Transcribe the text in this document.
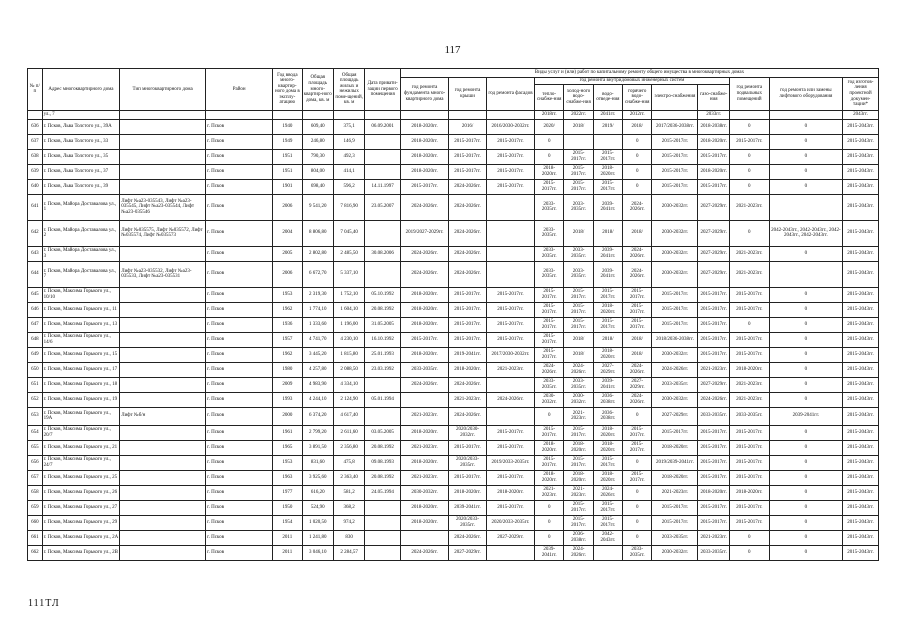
117
№ п/п	Адрес многоквартирного дома	Тип многоквартирного дома	Район	Год ввода много-квартир-ного дома в эксплу-атацию	Общая площадь много-квартир-ного дома, кв. м	Общая площадь жилых и нежилых поме-щений, кв. м	Дата привати-зации первого помещения	Виды услуг и (или) работ по капитальному ремонту общего имущества в многоквартирных домах											
								год ремонта фундамента много-квартирного дома	год ремонта крыши	год ремонта фасадов	год ремонта внутридомовых инженерных систем						год ремонта подвальных помещений	год ремонта или замены лифтового оборудования	год изготов-ления проектной докумен-тации*
											тепло-снабже-ния	холод-ного водо-снабже-ния	водо-отведе-ния	горячего водо-снабже-ния	электро-снабжения	газо-снабже-ния			
	ул., 7										2018гг.	2022гг.	2041гг.	2012гг.		2033гг.			2043гг.
636	г. Псков, Льва Толстого ул., 39А		г. Псков	1940	609,40	375,1	06.09.2001	2018-2020гг.	2016/	2016/2030-2032гг.	2020/	2018/	2019/	2018/	2017/2036-2038гг.	2018-2038гг.	0	0	2015-2043гг.
637	г. Псков, Льва Толстого ул., 33		г. Псков	1949	246,80	146,9		2018-2020гг.	2015-2017гг.	2015-2017гг.	0			0	2015-2017гг.	2018-2020гг.	2015-2017гг.	0	2015-2043гг.
638	г. Псков, Льва Толстого ул., 35		г. Псков	1951	790,30	492,3		2018-2020гг.	2015-2017гг.	2015-2017гг.	0	2015-2017гг.	2015-2017гг.	0	2015-2017гг.	2015-2017гг.	0	0	2015-2043гг.
639	г. Псков, Льва Толстого ул., 37		г. Псков	1951	804,00	414,1		2018-2020гг.	2015-2017гг.	2015-2017гг.	2018-2020гг.	2015-2017гг.	2018-2020гг.	0	2015-2017гг.	2018-2020гг.	0	0	2015-2043гг.
640	г. Псков, Льва Толстого ул., 39		г. Псков	1901	698,40	596,2	14.11.1997	2015-2017гг.	2024-2026гг.	2015-2017гг.	2015-2017гг.	2015-2017гг.	2015-2017гг.	0	2015-2017гг.	2015-2017гг.	0	0	2015-2043гг.
641	г. Псков, Майора Доставалова ул., 1	Лифт №а23-035543, Лифт №а23-035545, Лифт №а23-035544, Лифт №а23-035546	г. Псков	2006	9 541,20	7 816,90	23.05.2007	2024-2026гг.	2024-2026гг.		2033-2035гг.	2033-2035гг.	2039-2041гг.	2024-2026гг.	2030-2032гг.	2027-2029гг.	2021-2023гг.		2015-2043гг.
642	г. Псков, Майора Доставалова ул., 2	Лифт №035575, Лифт №035572, Лифт №035574, Лифт №035573	г. Псков	2004	8 806,80	7 045,40		2019/2027-2029гг.	2024-2026гг.		2033-2035гг.	2018/	2018/	2018/	2030-2032гг.	2027-2029гг.	0	2042-2043гг., 2042-2043гг., 2042-2043гг., 2042-2043гг.	2015-2043гг.
643	г. Псков, Майора Доставалова ул., 3		г. Псков	2005	2 802,80	2 485,50	30.08.2006	2024-2026гг.	2024-2026гг.		2033-2035гг.	2033-2035гг.	2039-2041гг.	2024-2026гг.	2030-2032гг.	2027-2029гг.	2021-2023гг.	0	2015-2043гг.
644	г. Псков, Майора Доставалова ул., 7	Лифт №а23-035532, Лифт №а23-035533, Лифт №а23-035531	г. Псков	2006	6 672,70	5 337,10		2024-2026гг.	2024-2026гг.		2033-2035гг.	2033-2035гг.	2039-2041гг.	2024-2026гг.	2030-2032гг.	2027-2029гг.	2021-2023гг.		2015-2043гг.
645	г. Псков, Максима Горького ул., 10/10		г. Псков	1953	2 319,30	1 752,10	05.10.1992	2018-2020гг.	2015-2017гг.	2015-2017гг.	2015-2017гг.	2015-2017гг.	2015-2017гг.	2015-2017гг.	2015-2017гг.	2015-2017гг.	2015-2017гг.	0	2015-2043гг.
646	г. Псков, Максима Горького ул., 11		г. Псков	1962	1 774,10	1 604,10	20.08.1992	2018-2020гг.	2015-2017гг.	2015-2017гг.	2015-2017гг.	2015-2017гг.	2018-2020гг.	2015-2017гг.	2015-2017гг.	2015-2017гг.	2015-2017гг.	0	2015-2043гг.
647	г. Псков, Максима Горького ул., 13		г. Псков	1936	1 333,60	1 196,00	31.05.2005	2018-2020гг.	2015-2017гг.	2015-2017гг.	2015-2017гг.	2015-2017гг.	2015-2017гг.	2015-2017гг.	2015-2017гг.	2015-2017гг.	0	0	2015-2043гг.
648	г. Псков, Максима Горького ул., 14/6		г. Псков	1957	4 741,70	4 230,10	16.10.1992	2015-2017гг.	2015-2017гг.	2015-2017гг.	2015-2017гг.	2018/	2018/	2018/	2018/2036-2038гг.	2015-2017гг.	2015-2017гг.	0	2015-2043гг.
649	г. Псков, Максима Горького ул., 15		г. Псков	1962	3 445,20	1 815,80	25.01.1993	2018-2020гг.	2019-2041гг.	2017/2030-2032гг.	2015-2017гг.	2018/	2018-2020гг.	2018/	2030-2032гг.	2015-2017гг.	2015-2017гг.	0	2015-2043гг.
650	г. Псков, Максима Горького ул., 17		г. Псков	1980	4 257,80	2 088,50	23.03.1992	2033-2035гг.	2018-2020гг.	2021-2023гг.	2024-2026гг.	2024-2026гг.	2027-2029гг.	2024-2026гг.	2024-2026гг.	2021-2023гг.	2018-2020гг.	0	2015-2043гг.
651	г. Псков, Максима Горького ул., 18		г. Псков	2009	4 983,90	4 334,10		2024-2026гг.	2024-2026гг.		2033-2035гг.	2033-2035гг.	2039-2041гг.	2027-2029гг.	2033-2035гг.	2027-2029гг.	2021-2023гг.	0	2015-2043гг.
652	г. Псков, Максима Горького ул., 19		г. Псков	1993	4 244,10	2 124,90	05.01.1994		2021-2023гг.	2024-2026гг.	2030-2032гг.	2030-2032гг.	2036-2038гг.	2024-2026гг.	2030-2032гг.	2024-2026гг.	2021-2023гг.	0	2015-2043гг.
653	г. Псков, Максима Горького ул., 19А	Лифт №б/н	г. Псков	2000	6 374,20	4 617,40		2021-2023гг.	2024-2026гг.		0	2021-2023гг.	2036-2038гг.	0	2027-2029гг.	2033-2035гг.	2033-2035гг.	2039-2041гг.	2015-2043гг.
654	г. Псков, Максима Горького ул., 20/7		г. Псков	1961	2 799,20	2 611,60	03.05.2005	2018-2020гг.	2020/2030-2032гг.	2015-2017гг.	2015-2017гг.	2015-2017гг.	2018-2020гг.	2015-2017гг.	2015-2017гг.	2015-2017гг.	2015-2017гг.	0	2015-2043гг.
655	г. Псков, Максима Горького ул., 21		г. Псков	1965	3 891,50	2 356,80	20.08.1992	2021-2023гг.	2015-2017гг.	2015-2017гг.	2018-2020гг.	2018-2020гг.	2018-2020гг.	2015-2017гг.	2018-2020гг.	2015-2017гг.	2015-2017гг.	0	2015-2043гг.
656	г. Псков, Максима Горького ул., 24/7		г. Псков	1953	831,60	475,8	09.08.1993	2018-2020гг.	2020/2033-2035гг.	2019/2033-2035гг.	2015-2017гг.	2015-2017гг.	2015-2017гг.	0	2019/2039-2041гг.	2015-2017гг.	2015-2017гг.	0	2015-2043гг.
657	г. Псков, Максима Горького ул., 25		г. Псков	1963	3 925,60	2 363,40	20.08.1992	2021-2023гг.	2015-2017гг.	2015-2017гг.	2018-2020гг.	2018-2020гг.	2018-2020гг.	2015-2017гг.	2018-2020гг.	2015-2017гг.	2015-2017гг.	0	2015-2043гг.
658	г. Псков, Максима Горького ул., 26		г. Псков	1977	616,20	581,2	24.05.1994	2030-2032гг.	2018-2020гг.	2018-2020гг.	2021-2023гг.	2021-2023гг.	2024-2026гг.	0	2021-2023гг.	2018-2020гг.	2018-2020гг.	0	2015-2043гг.
659	г. Псков, Максима Горького ул., 27		г. Псков	1950	524,90	368,2		2018-2020гг.	2039-2041гг.	2015-2017гг.	0	2015-2017гг.	2015-2017гг.	0	2015-2017гг.	2015-2017гг.	2015-2017гг.	0	2015-2043гг.
660	г. Псков, Максима Горького ул., 29		г. Псков	1954	1 020,50	974,2		2018-2020гг.	2020/2033-2035гг.	2020/2033-2035гг.	0	2015-2017гг.	2015-2017гг.	0	2015-2017гг.	2015-2017гг.	2015-2017гг.	0	2015-2043гг.
661	г. Псков, Максима Горького ул., 2А		г. Псков	2011	1 241,80	830			2024-2026гг.	2027-2029гг.	0	2036-2038гг.	2042-2043гг.	0	2033-2035гг.	2021-2023гг.	0	0	2015-2043гг.
662	г. Псков, Максима Горького ул., 2В		г. Псков	2011	3 046,10	2 284,57		2024-2026гг.	2027-2029гг.		2039-2041гг.	2024-2026гг.		2033-2035гг.	2030-2032гг.	2033-2035гг.	0	0	2015-2043гг.
111ТЛ
